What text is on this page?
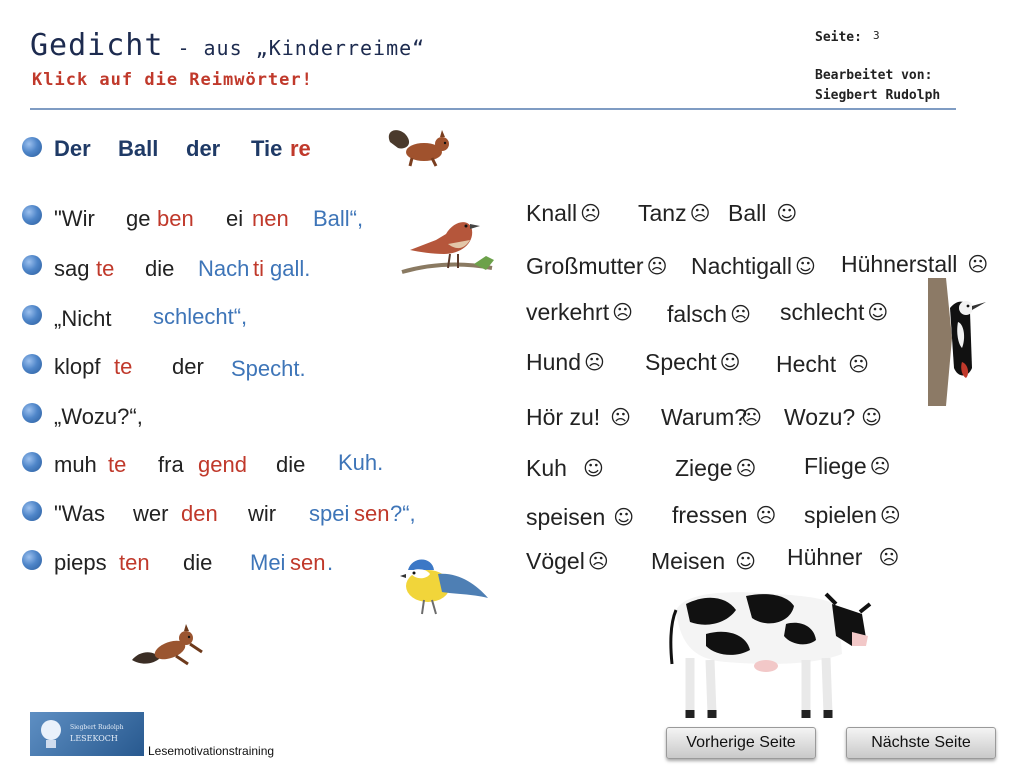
Gedicht - aus „Kinderreime“
Klick auf die Reimwörter!
Seite: 3
Bearbeitet von:
Siegbert Rudolph
Der Ball der Tie re
"Wir ge ben ei nen Ball“,
sag te die Nach ti gall.
„Nicht schlecht“,
klopf te der Specht.
„Wozu?“,
muh te fra gend die Kuh.
"Was wer den wir spei sen ?“,
pieps ten die Mei sen .
Knall ☹ Tanz ☹ Ball ☺
Großmutter ☹ Nachtigall ☺ Hühnerstall ☹
verkehrt ☹ falsch ☹ schlecht ☺
Hund ☹ Specht ☺ Hecht ☹
Hör zu! ☹ Warum?☹ Wozu? ☺
Kuh ☺	Ziege ☹ Fliege ☹
speisen ☺ fressen ☹ spielen ☹
Vögel ☹ Meisen ☺ Hühner ☹
Siegbert Rudolph
LESEKOCH
Lesemotivationstraining	Vorherige Seite	Nächste Seite
